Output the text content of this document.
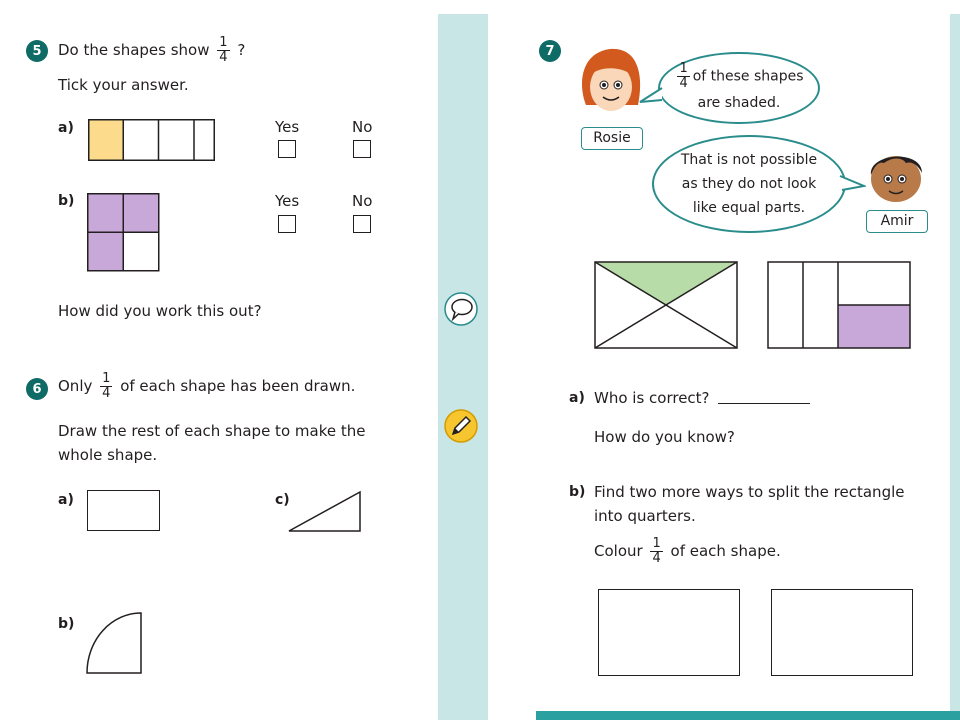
5	Do the shapes show $\frac{1}{4}$ ?
Tick your answer.
a)	Yes	No
b)	Yes	No
How did you work this out?
6	Only $\frac{1}{4}$ of each shape has been drawn.
Draw the rest of each shape to make the
whole shape.
a)	c)
b)
7
Rosie
$\frac{1}{4}$ of these shapes
are shaded.
That is not possible
as they do not look
like equal parts.
Amir
a) Who is correct?
How do you know?
b) Find two more ways to split the rectangle
into quarters.
Colour $\frac{1}{4}$ of each shape.
